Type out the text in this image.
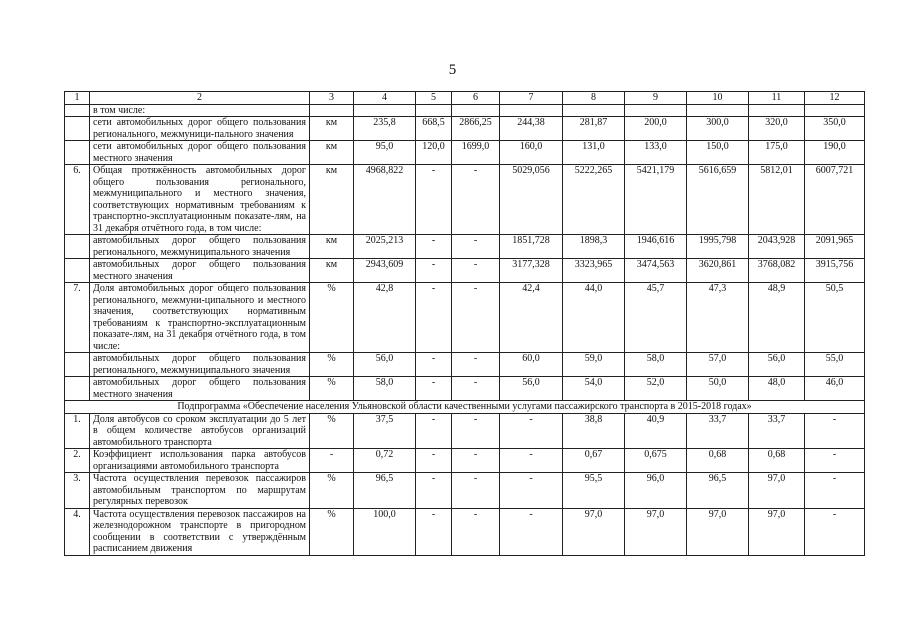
5
1	2	3	4	5	6	7	8	9	10	11	12
	в том числе:										
	сети автомобильных дорог общего пользования регионального, межмуници-пального значения	км	235,8	668,5	2866,25	244,38	281,87	200,0	300,0	320,0	350,0
	сети автомобильных дорог общего пользования местного значения	км	95,0	120,0	1699,0	160,0	131,0	133,0	150,0	175,0	190,0
6.	Общая протяжённость автомобильных дорог общего пользования регионального, межмуниципального и местного значения, соответствующих нормативным требованиям к транспортно-эксплуатационным показате-лям, на 31 декабря отчётного года, в том числе:	км	4968,822	-	-	5029,056	5222,265	5421,179	5616,659	5812,01	6007,721
	автомобильных дорог общего пользования регионального, межмуниципального значения	км	2025,213	-	-	1851,728	1898,3	1946,616	1995,798	2043,928	2091,965
	автомобильных дорог общего пользования местного значения	км	2943,609	-	-	3177,328	3323,965	3474,563	3620,861	3768,082	3915,756
7.	Доля автомобильных дорог общего пользования регионального, межмуни-ципального и местного значения, соответствующих нормативным требованиям к транспортно-эксплуатационным показате-лям, на 31 декабря отчётного года, в том числе:	%	42,8	-	-	42,4	44,0	45,7	47,3	48,9	50,5
	автомобильных дорог общего пользования регионального, межмуниципального значения	%	56,0	-	-	60,0	59,0	58,0	57,0	56,0	55,0
	автомобильных дорог общего пользования местного значения	%	58,0	-	-	56,0	54,0	52,0	50,0	48,0	46,0
Подпрограмма «Обеспечение населения Ульяновской области качественными услугами пассажирского транспорта в 2015-2018 годах»											
1.	Доля автобусов со сроком эксплуатации до 5 лет в общем количестве автобусов организаций автомобильного транспорта	%	37,5	-	-	-	38,8	40,9	33,7	33,7	-
2.	Коэффициент использования парка автобусов организациями автомобильного транспорта	-	0,72	-	-	-	0,67	0,675	0,68	0,68	-
3.	Частота осуществления перевозок пассажиров автомобильным транспортом по маршрутам регулярных перевозок	%	96,5	-	-	-	95,5	96,0	96,5	97,0	-
4.	Частота осуществления перевозок пассажиров на железнодорожном транспорте в пригородном сообщении в соответствии с утверждённым расписанием движения	%	100,0	-	-	-	97,0	97,0	97,0	97,0	-
